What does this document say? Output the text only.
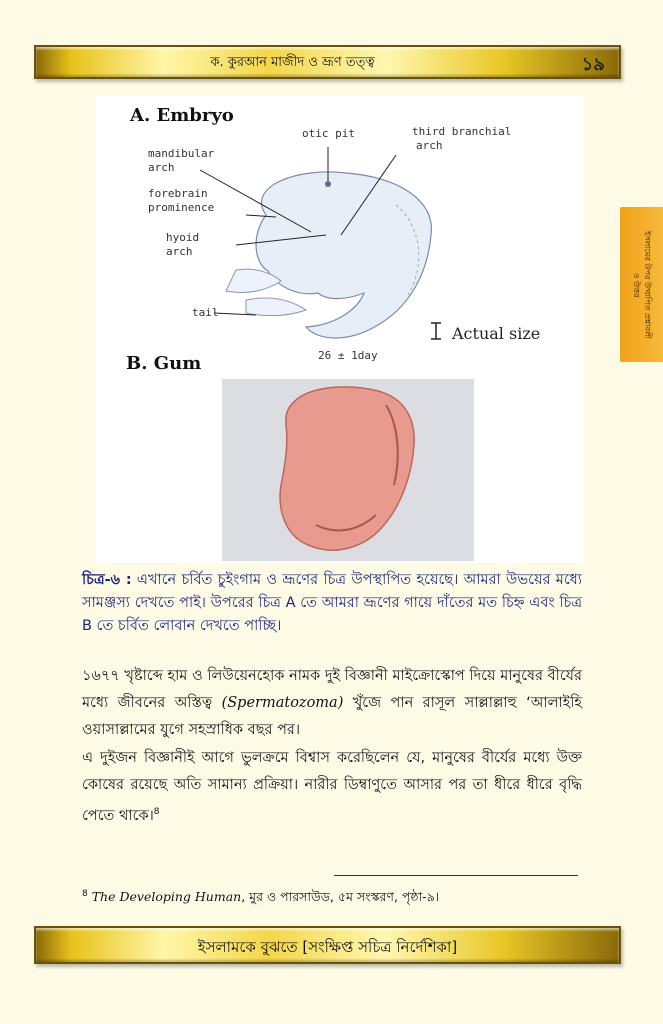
ক. কুরআন মাজীদ ও ভ্রূণ তত্ত্ব	১৯
ইসলামের উপর উত্থাপিত প্রশ্নাবলী
ও উত্তর
A. Embryo
otic pit	third branchial
arch
mandibular
arch
forebrain
prominence
hyoid
arch
tail
Actual size
26 ± 1day
B. Gum
চিত্র-৬ : এখানে চর্বিত চুইংগাম ও ভ্রূণের চিত্র উপস্থাপিত হয়েছে। আমরা উভয়ের মধ্যে সামঞ্জস্য দেখতে পাই। উপরের চিত্র A তে আমরা ভ্রূণের গায়ে দাঁতের মত চিহ্ন এবং চিত্র B তে চর্বিত লোবান দেখতে পাচ্ছি।
১৬৭৭ খৃষ্টাব্দে হাম ও লিউয়েনহোক নামক দুই বিজ্ঞানী মাইক্রোস্কোপ দিয়ে মানুষের বীর্যের মধ্যে জীবনের অস্তিত্ব (Spermatozoma) খুঁজে পান রাসূল সাল্লাল্লাহু ‘আলাইহি ওয়াসাল্লামের যুগে সহস্রাধিক বছর পর।
এ দুইজন বিজ্ঞানীই আগে ভুলক্রমে বিশ্বাস করেছিলেন যে, মানুষের বীর্যের মধ্যে উক্ত কোষের রয়েছে অতি সামান্য প্রক্রিয়া। নারীর ডিম্বাণুতে আসার পর তা ধীরে ধীরে বৃদ্ধি পেতে থাকে।$^8$
$^8$ The Developing Human, মুর ও পারসাউড, ৫ম সংস্করণ, পৃষ্ঠা-৯।
ইসলামকে বুঝতে [সংক্ষিপ্ত সচিত্র নির্দেশিকা]
